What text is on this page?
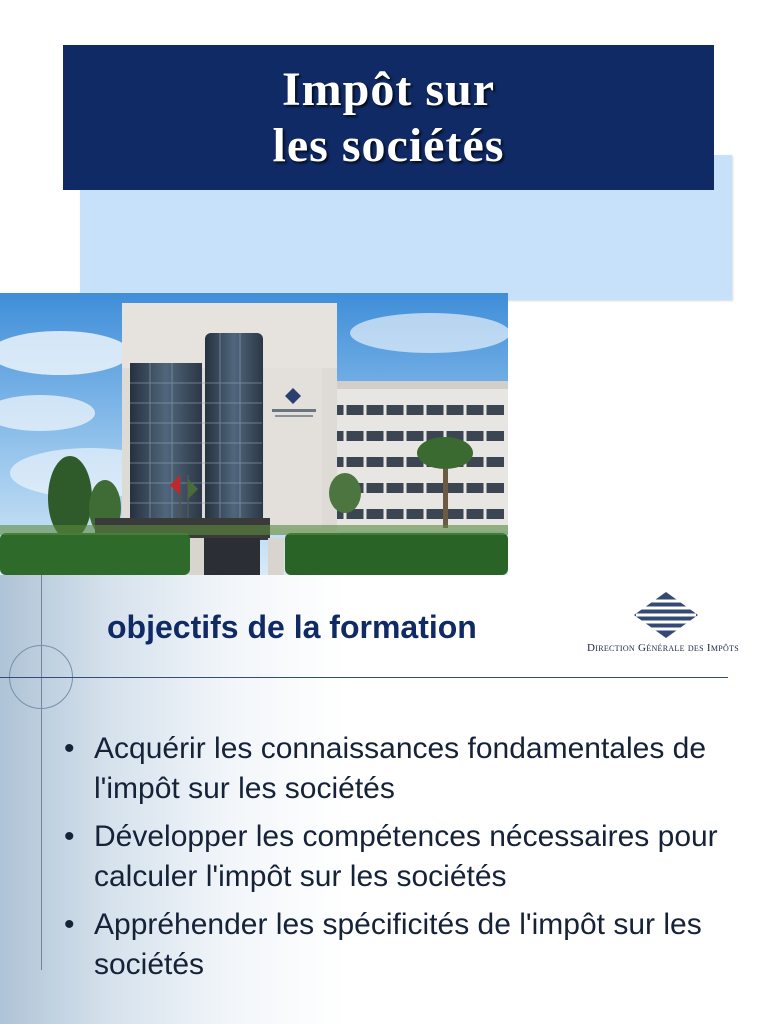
Impôt sur
les sociétés
objectifs de la formation
Direction Générale des Impôts
• Acquérir les connaissances fondamentales de l'impôt sur les sociétés
• Développer les compétences nécessaires pour calculer l'impôt sur les sociétés
• Appréhender les spécificités de l'impôt sur les sociétés
